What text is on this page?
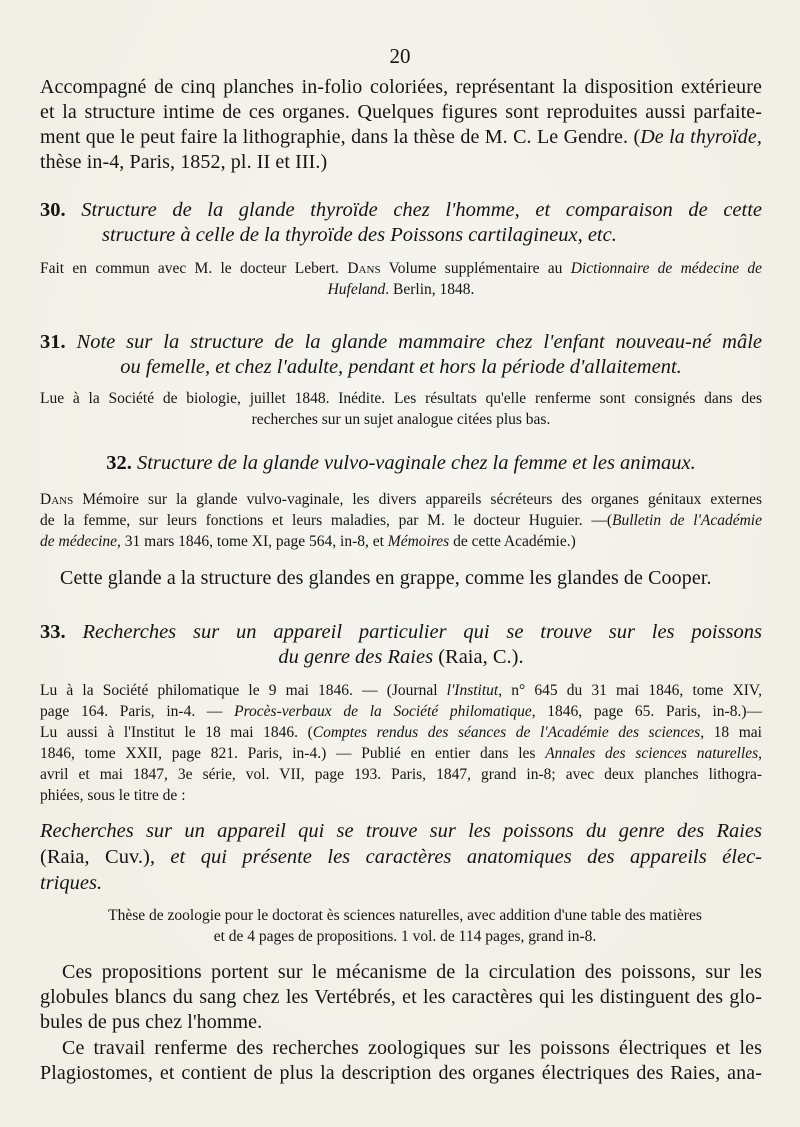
20
Accompagné de cinq planches in-folio coloriées, représentant la disposition extérieure
et la structure intime de ces organes. Quelques figures sont reproduites aussi parfaite-
ment que le peut faire la lithographie, dans la thèse de M. C. Le Gendre. (De la thyroïde,
thèse in-4, Paris, 1852, pl. II et III.)
30. Structure de la glande thyroïde chez l'homme, et comparaison de cette
structure à celle de la thyroïde des Poissons cartilagineux, etc.
Fait en commun avec M. le docteur Lebert. Dans Volume supplémentaire au Dictionnaire de médecine de
Hufeland. Berlin, 1848.
31. Note sur la structure de la glande mammaire chez l'enfant nouveau-né mâle
ou femelle, et chez l'adulte, pendant et hors la période d'allaitement.
Lue à la Société de biologie, juillet 1848. Inédite. Les résultats qu'elle renferme sont consignés dans des
recherches sur un sujet analogue citées plus bas.
32. Structure de la glande vulvo-vaginale chez la femme et les animaux.
Dans Mémoire sur la glande vulvo-vaginale, les divers appareils sécréteurs des organes génitaux externes
de la femme, sur leurs fonctions et leurs maladies, par M. le docteur Huguier. —(Bulletin de l'Académie
de médecine, 31 mars 1846, tome XI, page 564, in-8, et Mémoires de cette Académie.)
Cette glande a la structure des glandes en grappe, comme les glandes de Cooper.
33. Recherches sur un appareil particulier qui se trouve sur les poissons
du genre des Raies (Raia, C.).
Lu à la Société philomatique le 9 mai 1846. — (Journal l'Institut, n° 645 du 31 mai 1846, tome XIV,
page 164. Paris, in-4. — Procès-verbaux de la Société philomatique, 1846, page 65. Paris, in-8.)—
Lu aussi à l'Institut le 18 mai 1846. (Comptes rendus des séances de l'Académie des sciences, 18 mai
1846, tome XXII, page 821. Paris, in-4.) — Publié en entier dans les Annales des sciences naturelles,
avril et mai 1847, 3e série, vol. VII, page 193. Paris, 1847, grand in-8; avec deux planches lithogra-
phiées, sous le titre de :
Recherches sur un appareil qui se trouve sur les poissons du genre des Raies
(Raia, Cuv.), et qui présente les caractères anatomiques des appareils élec-
triques.
Thèse de zoologie pour le doctorat ès sciences naturelles, avec addition d'une table des matières
et de 4 pages de propositions. 1 vol. de 114 pages, grand in-8.
Ces propositions portent sur le mécanisme de la circulation des poissons, sur les
globules blancs du sang chez les Vertébrés, et les caractères qui les distinguent des glo-
bules de pus chez l'homme.
Ce travail renferme des recherches zoologiques sur les poissons électriques et les
Plagiostomes, et contient de plus la description des organes électriques des Raies, ana-
